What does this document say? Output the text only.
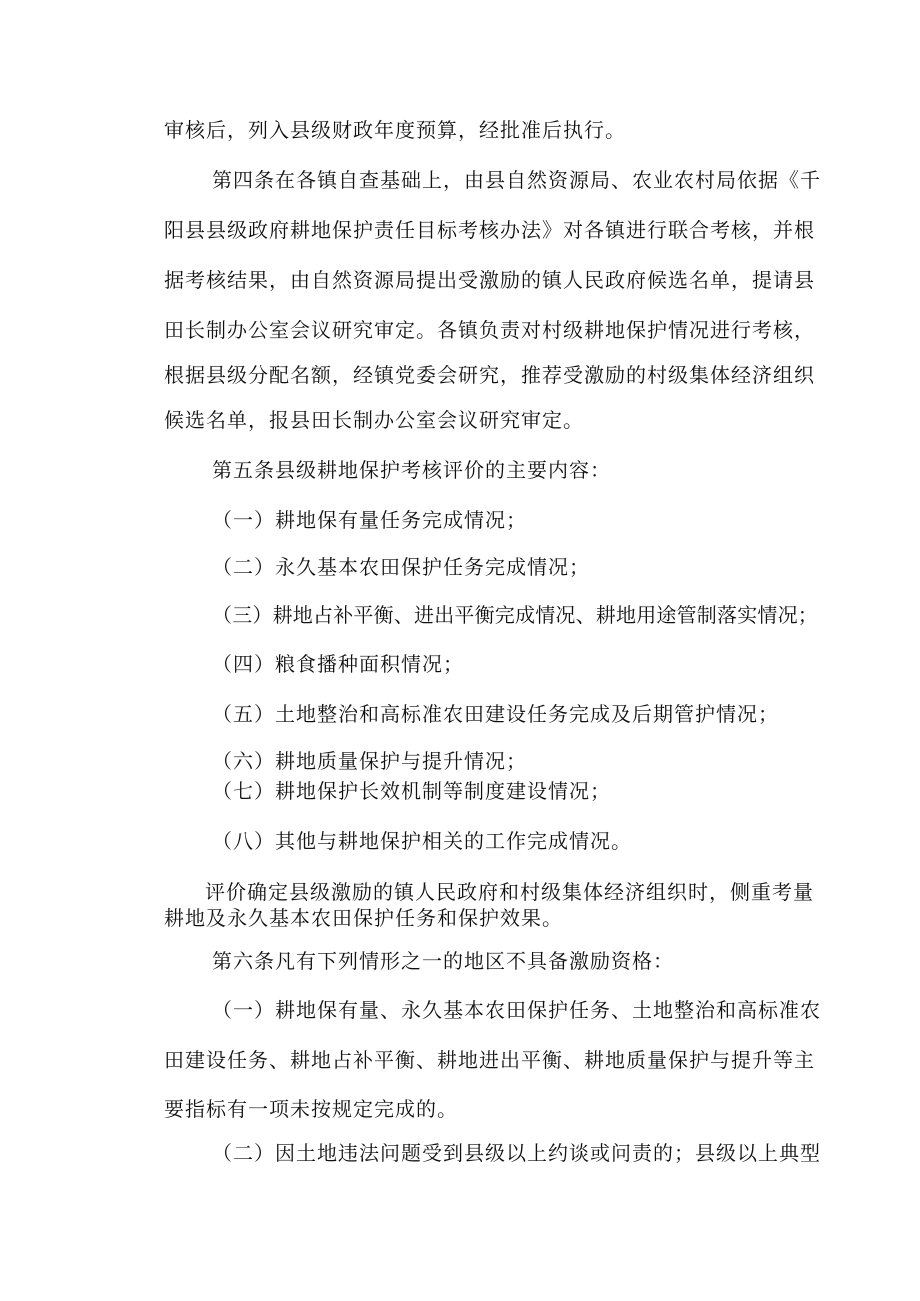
审核后，列入县级财政年度预算，经批准后执行。

第四条在各镇自查基础上，由县自然资源局、农业农村局依据《千

阳县县级政府耕地保护责任目标考核办法》对各镇进行联合考核，并根

据考核结果，由自然资源局提出受激励的镇人民政府候选名单，提请县

田长制办公室会议研究审定。各镇负责对村级耕地保护情况进行考核，

根据县级分配名额，经镇党委会研究，推荐受激励的村级集体经济组织

候选名单，报县田长制办公室会议研究审定。

第五条县级耕地保护考核评价的主要内容：

（一）耕地保有量任务完成情况；

（二）永久基本农田保护任务完成情况；

（三）耕地占补平衡、进出平衡完成情况、耕地用途管制落实情况；

（四）粮食播种面积情况；

（五）土地整治和高标准农田建设任务完成及后期管护情况；

（六）耕地质量保护与提升情况；

（七）耕地保护长效机制等制度建设情况；

（八）其他与耕地保护相关的工作完成情况。

评价确定县级激励的镇人民政府和村级集体经济组织时，侧重考量

耕地及永久基本农田保护任务和保护效果。

第六条凡有下列情形之一的地区不具备激励资格：

（一）耕地保有量、永久基本农田保护任务、土地整治和高标准农

田建设任务、耕地占补平衡、耕地进出平衡、耕地质量保护与提升等主

要指标有一项未按规定完成的。

（二）因土地违法问题受到县级以上约谈或问责的；县级以上典型
